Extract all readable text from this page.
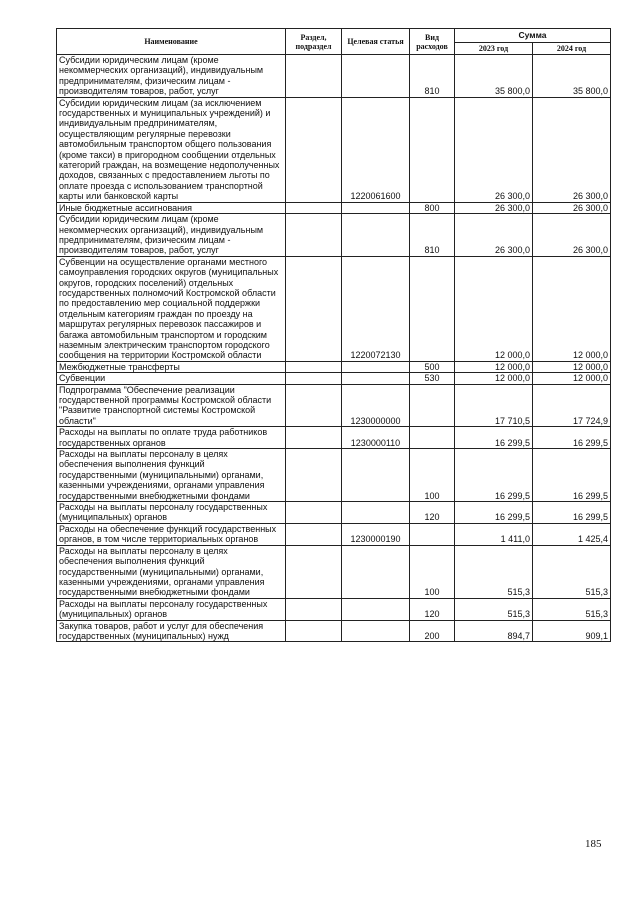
Наименование	Раздел, подраздел	Целевая статья	Вид расходов	Сумма	
				2023 год	2024 год
Субсидии юридическим лицам (кроме некоммерческих организаций), индивидуальным предпринимателям, физическим лицам - производителям товаров, работ, услуг			810	35 800,0	35 800,0
Субсидии юридическим лицам (за исключением государственных и муниципальных учреждений) и индивидуальным предпринимателям, осуществляющим регулярные перевозки автомобильным транспортом общего пользования (кроме такси) в пригородном сообщении отдельных категорий граждан, на возмещение недополученных доходов, связанных с предоставлением льготы по оплате проезда с использованием транспортной карты или банковской карты		1220061600		26 300,0	26 300,0
Иные бюджетные ассигнования			800	26 300,0	26 300,0
Субсидии юридическим лицам (кроме некоммерческих организаций), индивидуальным предпринимателям, физическим лицам - производителям товаров, работ, услуг			810	26 300,0	26 300,0
Субвенции на осуществление органами местного самоуправления городских округов (муниципальных округов, городских поселений) отдельных государственных полномочий Костромской области по предоставлению мер социальной поддержки отдельным категориям граждан по проезду на маршрутах регулярных перевозок пассажиров и багажа автомобильным транспортом и городским наземным электрическим транспортом городского сообщения на территории Костромской области		1220072130		12 000,0	12 000,0
Межбюджетные трансферты			500	12 000,0	12 000,0
Субвенции			530	12 000,0	12 000,0
Подпрограмма "Обеспечение реализации государственной программы Костромской области "Развитие транспортной системы Костромской области"		1230000000		17 710,5	17 724,9
Расходы на выплаты по оплате труда работников государственных органов		1230000110		16 299,5	16 299,5
Расходы на выплаты персоналу в целях обеспечения выполнения функций государственными (муниципальными) органами, казенными учреждениями, органами управления государственными внебюджетными фондами			100	16 299,5	16 299,5
Расходы на выплаты персоналу государственных (муниципальных) органов			120	16 299,5	16 299,5
Расходы на обеспечение функций государственных органов, в том числе территориальных органов		1230000190		1 411,0	1 425,4
Расходы на выплаты персоналу в целях обеспечения выполнения функций государственными (муниципальными) органами, казенными учреждениями, органами управления государственными внебюджетными фондами			100	515,3	515,3
Расходы на выплаты персоналу государственных (муниципальных) органов			120	515,3	515,3
Закупка товаров, работ и услуг для обеспечения государственных (муниципальных) нужд			200	894,7	909,1
185
